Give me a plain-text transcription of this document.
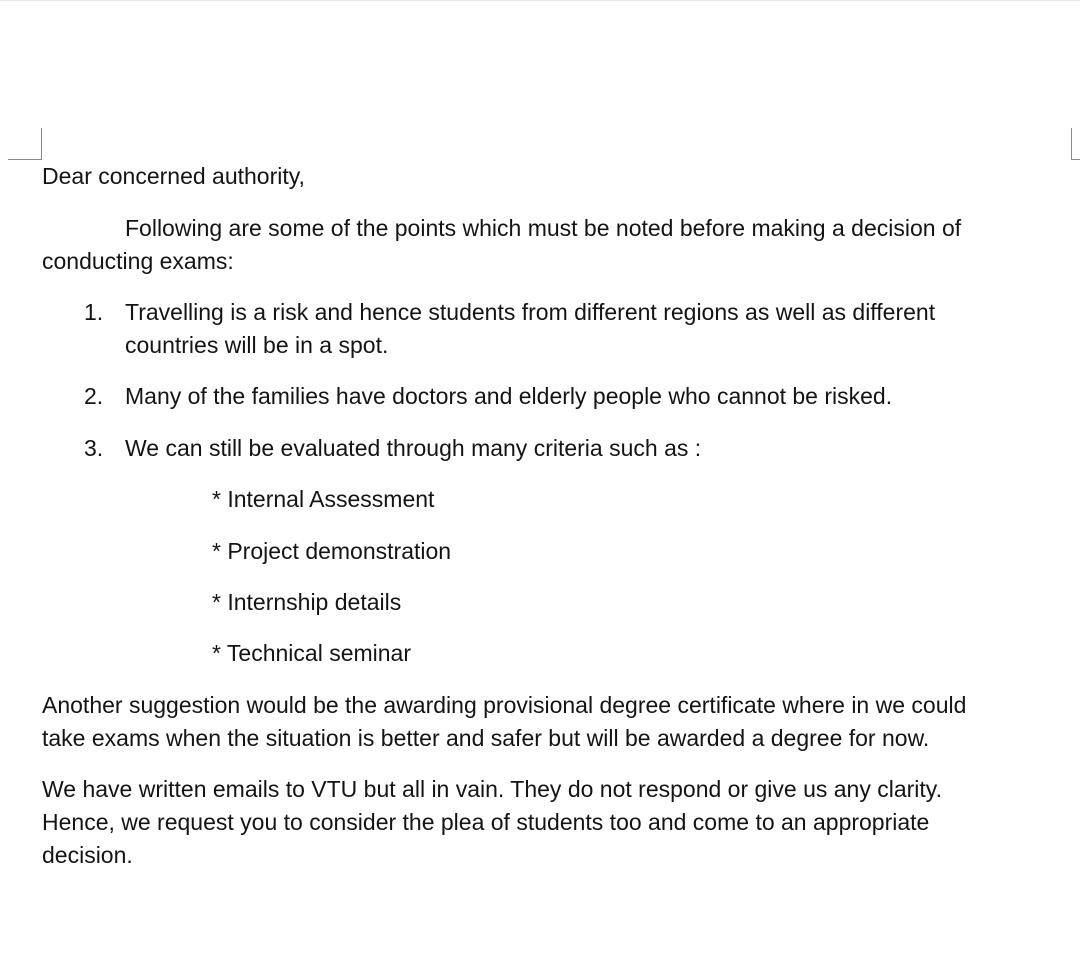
Dear concerned authority,
Following are some of the points which must be noted before making a decision of
conducting exams:
1. Travelling is a risk and hence students from different regions as well as different
countries will be in a spot.
2. Many of the families have doctors and elderly people who cannot be risked.
3. We can still be evaluated through many criteria such as :
* Internal Assessment
* Project demonstration
* Internship details
* Technical seminar
Another suggestion would be the awarding provisional degree certificate where in we could
take exams when the situation is better and safer but will be awarded a degree for now.
We have written emails to VTU but all in vain. They do not respond or give us any clarity.
Hence, we request you to consider the plea of students too and come to an appropriate
decision.
